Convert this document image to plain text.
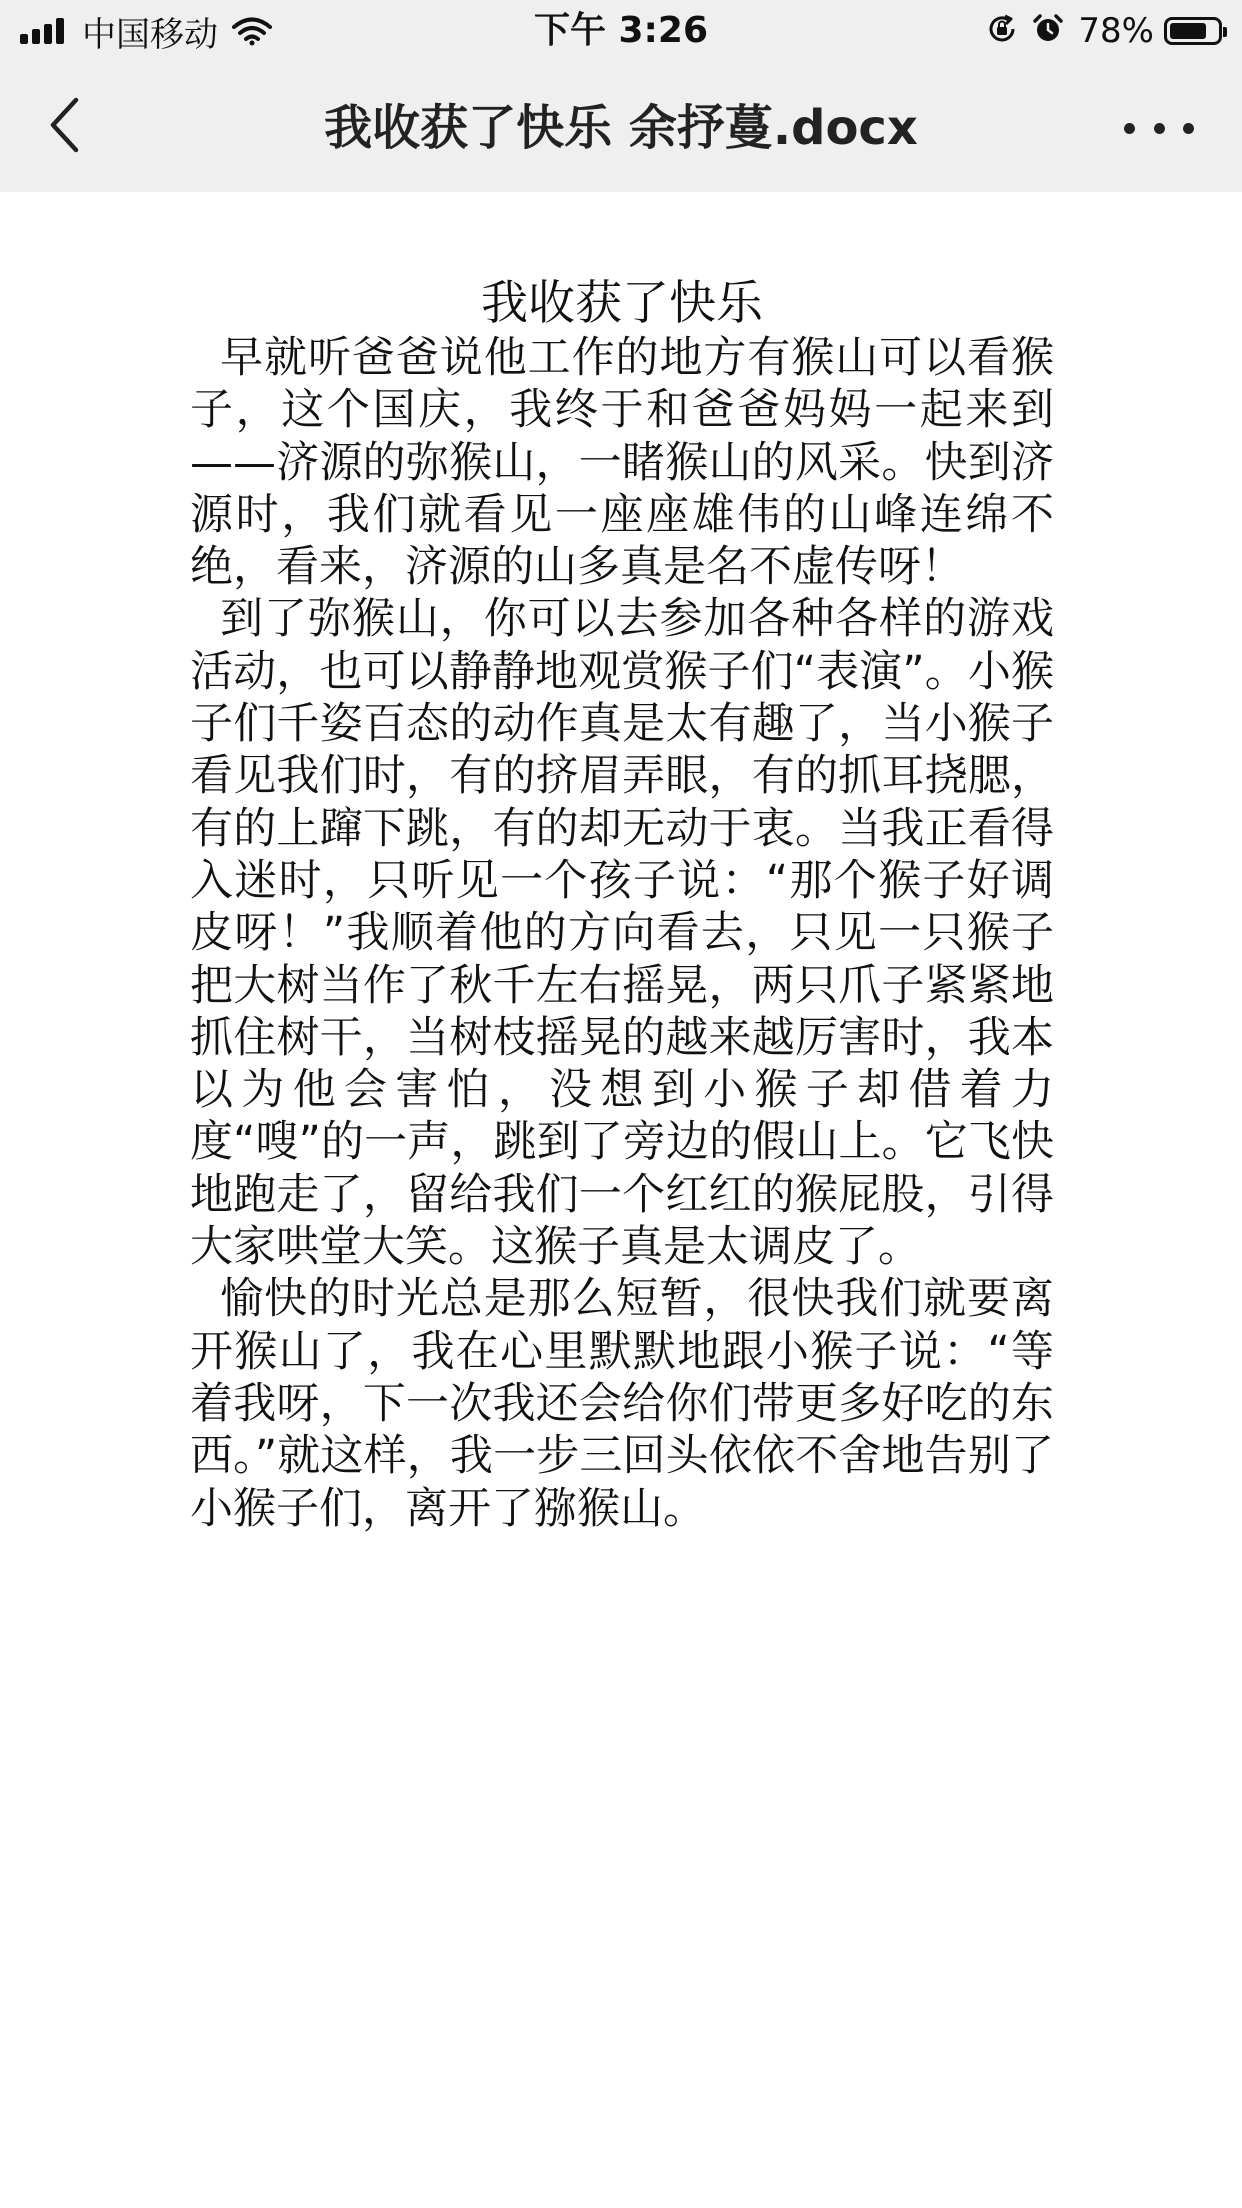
中国移动	下午 3:26	78%
我收获了快乐 余抒蔓.docx
我收获了快乐

早就听爸爸说他工作的地方有猴山可以看猴子，这个国庆，我终于和爸爸妈妈一起来到——济源的弥猴山，一睹猴山的风采。快到济源时，我们就看见一座座雄伟的山峰连绵不绝，看来，济源的山多真是名不虚传呀！

到了弥猴山，你可以去参加各种各样的游戏活动，也可以静静地观赏猴子们“表演”。小猴子们千姿百态的动作真是太有趣了，当小猴子看见我们时，有的挤眉弄眼，有的抓耳挠腮，有的上蹿下跳，有的却无动于衷。当我正看得入迷时，只听见一个孩子说：“那个猴子好调皮呀！”我顺着他的方向看去，只见一只猴子把大树当作了秋千左右摇晃，两只爪子紧紧地抓住树干，当树枝摇晃的越来越厉害时，我本以为他会害怕，没想到小猴子却借着力度“嗖”的一声，跳到了旁边的假山上。它飞快地跑走了，留给我们一个红红的猴屁股，引得大家哄堂大笑。这猴子真是太调皮了。

愉快的时光总是那么短暂，很快我们就要离开猴山了，我在心里默默地跟小猴子说：“等着我呀，下一次我还会给你们带更多好吃的东西。”就这样，我一步三回头依依不舍地告别了小猴子们，离开了猕猴山。
